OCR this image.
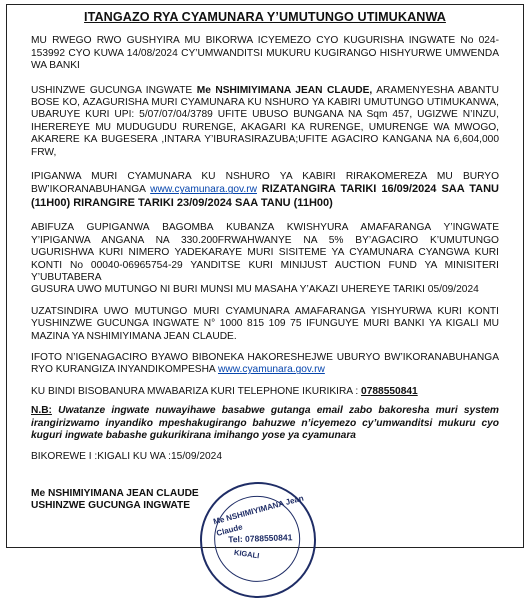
ITANGAZO RYA CYAMUNARA Y’UMUTUNGO UTIMUKANWA
MU RWEGO RWO GUSHYIRA MU BIKORWA ICYEMEZO CYO KUGURISHA INGWATE No 024-153992 CYO KUWA 14/08/2024 CY’UMWANDITSI MUKURU KUGIRANGO HISHYURWE UMWENDA WA BANKI
USHINZWE GUCUNGA INGWATE Me NSHIMIYIMANA JEAN CLAUDE, ARAMENYESHA ABANTU BOSE KO, AZAGURISHA MURI CYAMUNARA KU NSHURO YA KABIRI UMUTUNGO UTIMUKANWA, UBARUYE KURI UPI: 5/07/07/04/3789 UFITE UBUSO BUNGANA NA Sqm 457, UGIZWE N’INZU, IHEREREYE MU MUDUGUDU RURENGE, AKAGARI KA RURENGE, UMURENGE WA MWOGO, AKARERE KA BUGESERA ,INTARA Y’IBURASIRAZUBA;UFITE AGACIRO KANGANA NA 6,604,000 FRW,
IPIGANWA MURI CYAMUNARA KU NSHURO YA KABIRI RIRAKOMEREZA MU BURYO BW’IKORANABUHANGA www.cyamunara.gov.rw RIZATANGIRA TARIKI 16/09/2024 SAA TANU (11H00) RIRANGIRE TARIKI 23/09/2024 SAA TANU (11H00)
ABIFUZA GUPIGANWA BAGOMBA KUBANZA KWISHYURA AMAFARANGA Y’INGWATE Y’IPIGANWA ANGANA NA 330.200FRWAHWANYE NA 5% BY’AGACIRO K’UMUTUNGO UGURISHWA KURI NIMERO YADEKARAYE MURI SISITEME YA CYAMUNARA CYANGWA KURI KONTI No 00040-06965754-29 YANDITSE KURI MINIJUST AUCTION FUND YA MINISITERI Y’UBUTABERA
GUSURA UWO MUTUNGO NI BURI MUNSI MU MASAHA Y’AKAZI UHEREYE TARIKI 05/09/2024
UZATSINDIRA UWO MUTUNGO MURI CYAMUNARA AMAFARANGA YISHYURWA KURI KONTI YUSHINZWE GUCUNGA INGWATE N° 1000 815 109 75 IFUNGUYE MURI BANKI YA KIGALI MU MAZINA YA NSHIMIYIMANA JEAN CLAUDE.
IFOTO N’IGENAGACIRO BYAWO BIBONEKA HAKORESHEJWE UBURYO BW’IKORANABUHANGA RYO KURANGIZA INYANDIKOMPESHA www.cyamunara.gov.rw
KU BINDI BISOBANURA MWABARIZA KURI TELEPHONE IKURIKIRA : 0788550841
N.B: Uwatanze ingwate nuwayihawe basabwe gutanga email zabo bakoresha muri system irangirizwamo inyandiko mpeshakugirango bahuzwe n’icyemezo cy’umwanditsi mukuru cyo kuguri ingwate babashe gukurikirana imihango yose ya cyamunara
BIKOREWE I :KIGALI KU WA :15/09/2024
Me NSHIMIYIMANA JEAN CLAUDE
USHINZWE GUCUNGA INGWATE	Me NSHIMIYIMANA Jean Claude
Tel: 0788550841
KIGALI
